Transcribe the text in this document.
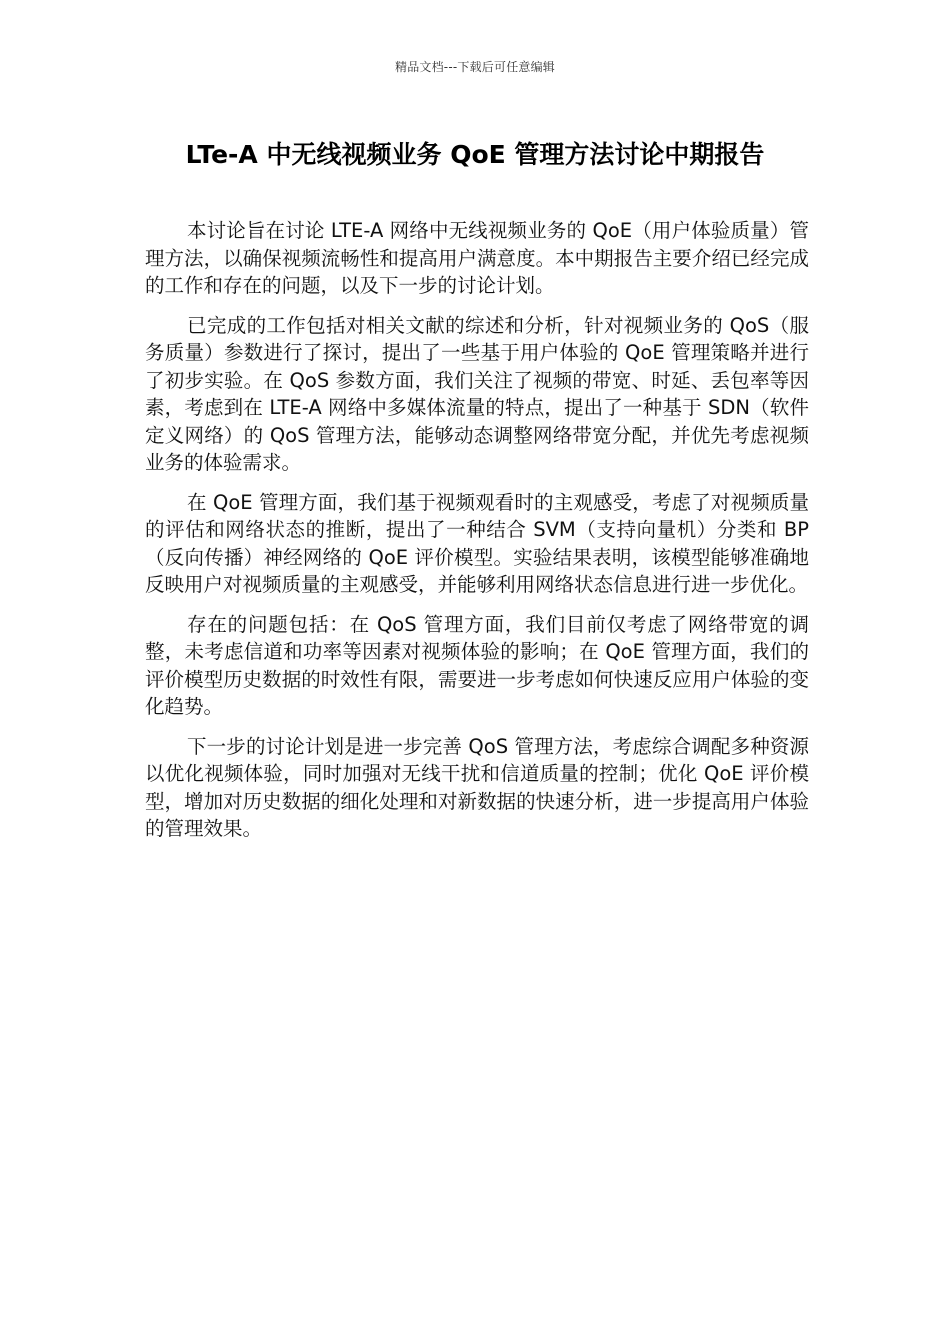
精品文档---下载后可任意编辑
LTe-A 中无线视频业务 QoE 管理方法讨论中期报告

本讨论旨在讨论 LTE-A 网络中无线视频业务的 QoE（用户体验质量）管理方法，以确保视频流畅性和提高用户满意度。本中期报告主要介绍已经完成的工作和存在的问题，以及下一步的讨论计划。

已完成的工作包括对相关文献的综述和分析，针对视频业务的 QoS（服务质量）参数进行了探讨，提出了一些基于用户体验的 QoE 管理策略并进行了初步实验。在 QoS 参数方面，我们关注了视频的带宽、时延、丢包率等因素，考虑到在 LTE-A 网络中多媒体流量的特点，提出了一种基于 SDN（软件定义网络）的 QoS 管理方法，能够动态调整网络带宽分配，并优先考虑视频业务的体验需求。

在 QoE 管理方面，我们基于视频观看时的主观感受，考虑了对视频质量的评估和网络状态的推断，提出了一种结合 SVM（支持向量机）分类和 BP（反向传播）神经网络的 QoE 评价模型。实验结果表明，该模型能够准确地反映用户对视频质量的主观感受，并能够利用网络状态信息进行进一步优化。

存在的问题包括：在 QoS 管理方面，我们目前仅考虑了网络带宽的调整，未考虑信道和功率等因素对视频体验的影响；在 QoE 管理方面，我们的评价模型历史数据的时效性有限，需要进一步考虑如何快速反应用户体验的变化趋势。

下一步的讨论计划是进一步完善 QoS 管理方法，考虑综合调配多种资源以优化视频体验，同时加强对无线干扰和信道质量的控制；优化 QoE 评价模型，增加对历史数据的细化处理和对新数据的快速分析，进一步提高用户体验的管理效果。
